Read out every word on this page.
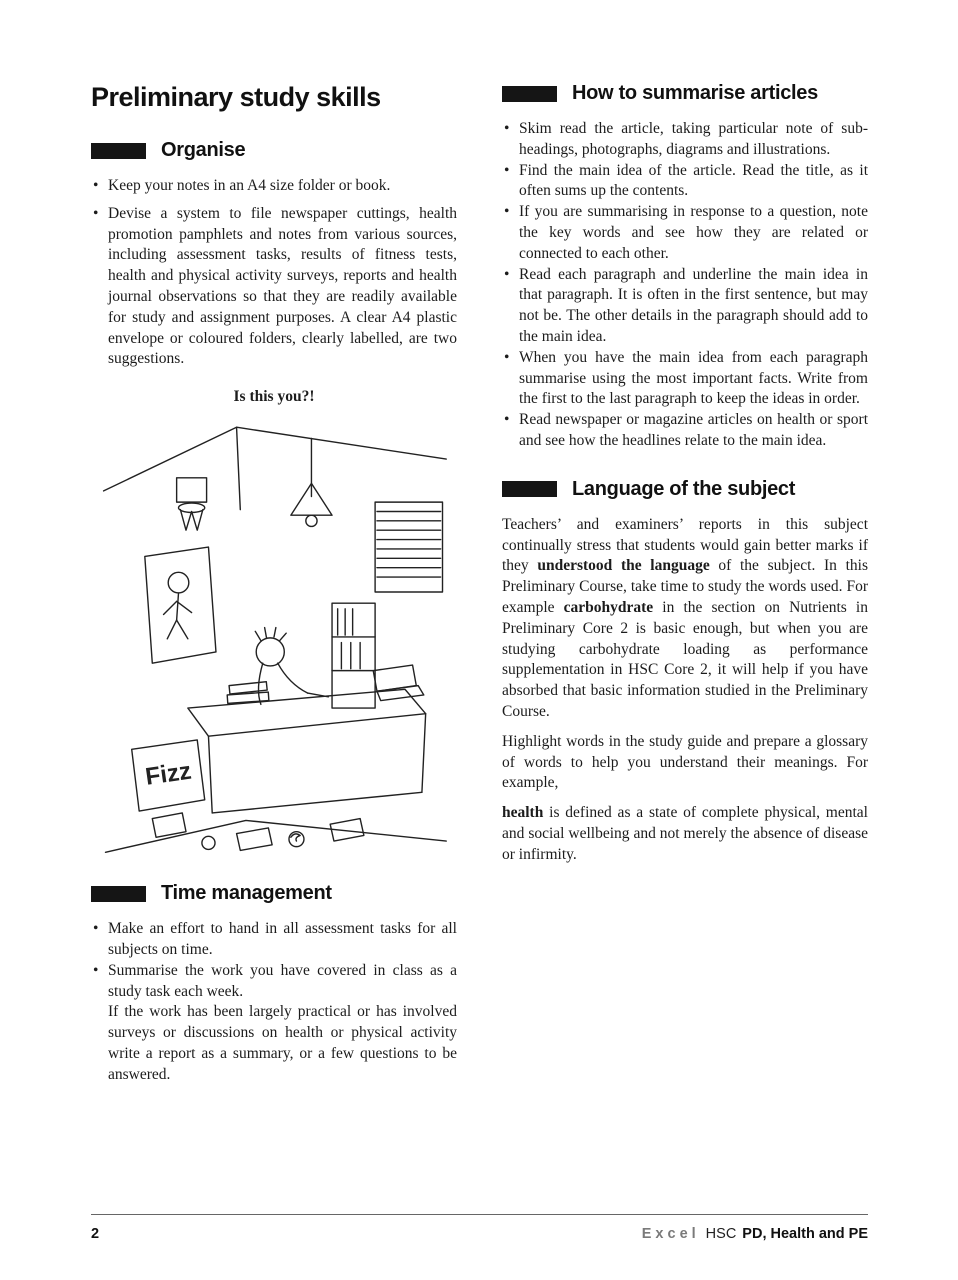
Preliminary study skills
Organise
• Keep your notes in an A4 size folder or book.
• Devise a system to file newspaper cuttings, health promotion pamphlets and notes from various sources, including assessment tasks, results of fitness tests, health and physical activity surveys, reports and health journal observations so that they are readily available for study and assignment purposes. A clear A4 plastic envelope or coloured folders, clearly labelled, are two suggestions.
Is this you?!
Fizz
Time management
• Make an effort to hand in all assessment tasks for all subjects on time.
• Summarise the work you have covered in class as a study task each week.
If the work has been largely practical or has involved surveys or discussions on health or physical activity write a report as a summary, or a few questions to be answered.
How to summarise articles
• Skim read the article, taking particular note of sub-headings, photographs, diagrams and illustrations.
• Find the main idea of the article. Read the title, as it often sums up the contents.
• If you are summarising in response to a question, note the key words and see how they are related or connected to each other.
• Read each paragraph and underline the main idea in that paragraph. It is often in the first sentence, but may not be. The other details in the paragraph should add to the main idea.
• When you have the main idea from each paragraph summarise using the most important facts. Write from the first to the last paragraph to keep the ideas in order.
• Read newspaper or magazine articles on health or sport and see how the headlines relate to the main idea.
Language of the subject

Teachers’ and examiners’ reports in this subject continually stress that students would gain better marks if they understood the language of the subject. In this Preliminary Course, take time to study the words used. For example carbohydrate in the section on Nutrients in Preliminary Core 2 is basic enough, but when you are studying carbohydrate loading as performance supplementation in HSC Core 2, it will help if you have absorbed that basic information studied in the Preliminary Course.

Highlight words in the study guide and prepare a glossary of words to help you understand their meanings. For example,

health is defined as a state of complete physical, mental and social wellbeing and not merely the absence of disease or infirmity.

2	Excel HSC PD, Health and PE
